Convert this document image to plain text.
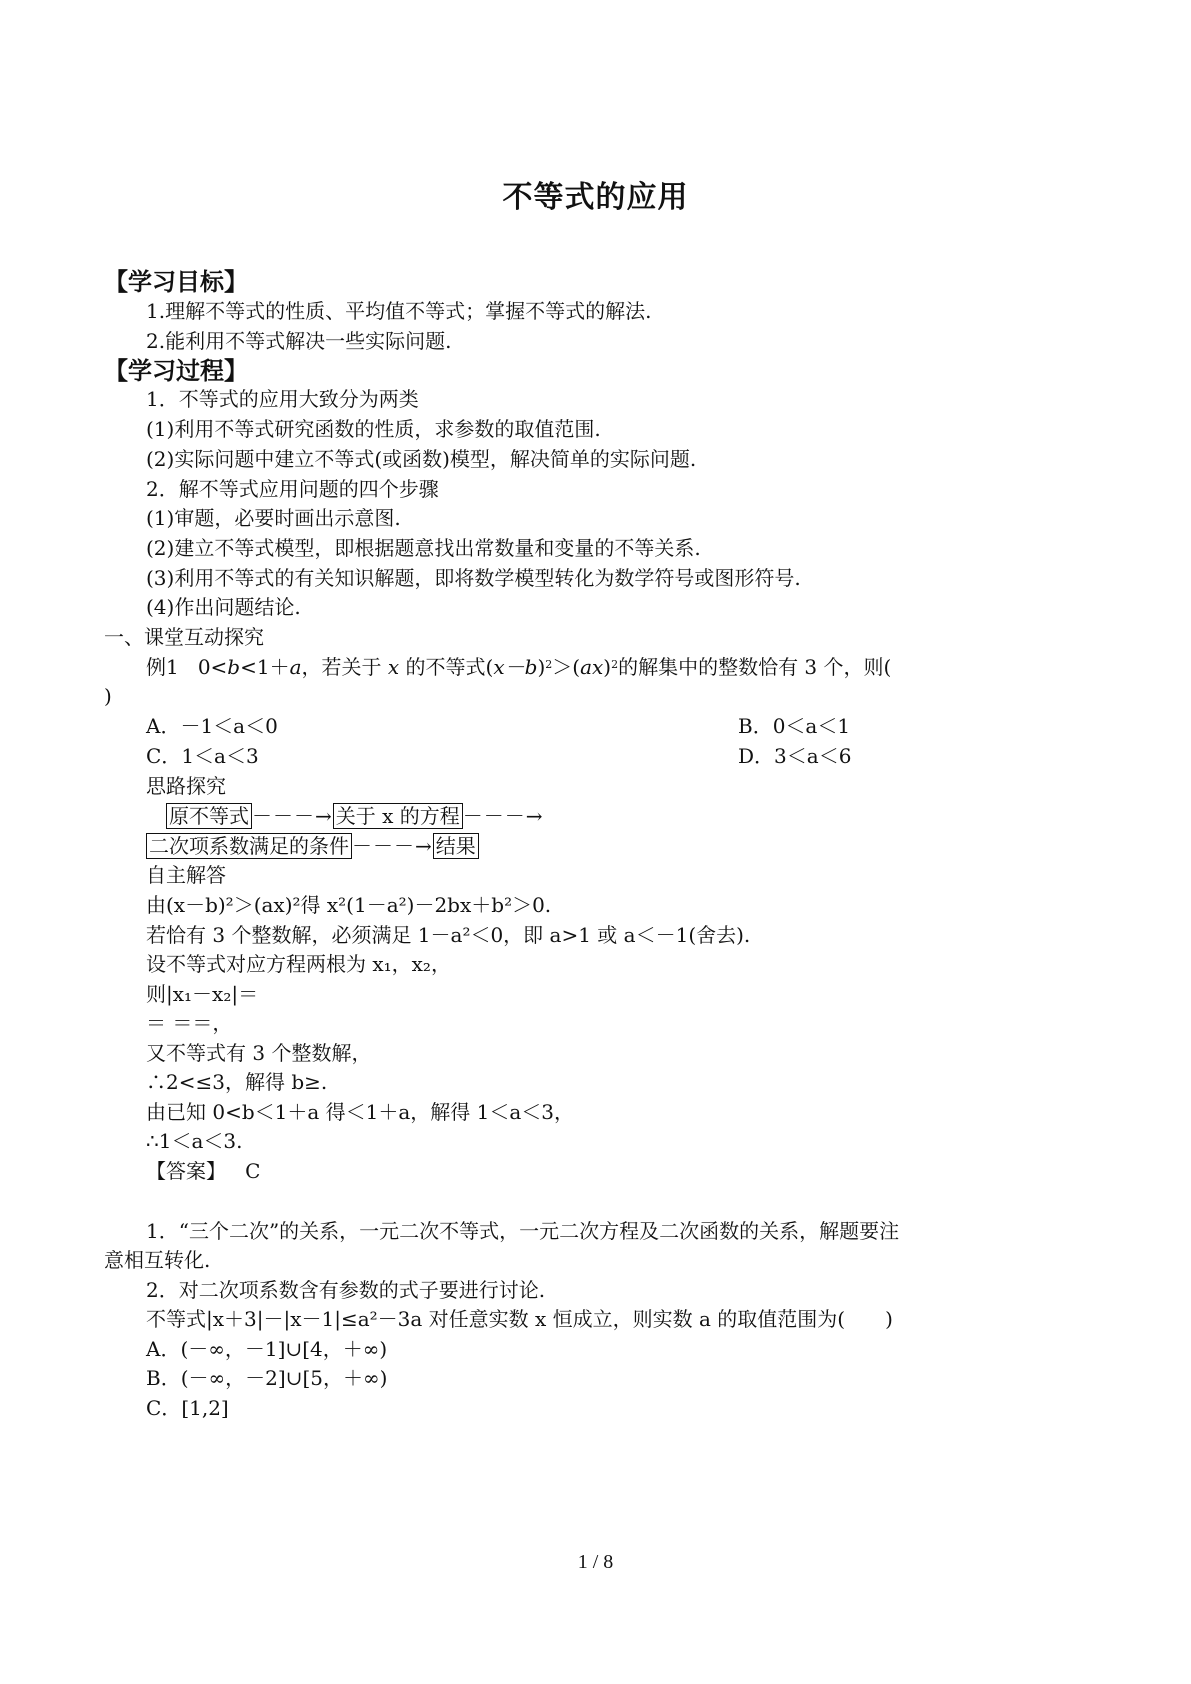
不等式的应用
【学习目标】
1.理解不等式的性质、平均值不等式；掌握不等式的解法.
2.能利用不等式解决一些实际问题.
【学习过程】
1．不等式的应用大致分为两类
(1)利用不等式研究函数的性质，求参数的取值范围.
(2)实际问题中建立不等式(或函数)模型，解决简单的实际问题.
2．解不等式应用问题的四个步骤
(1)审题，必要时画出示意图.
(2)建立不等式模型，即根据题意找出常数量和变量的不等关系.
(3)利用不等式的有关知识解题，即将数学模型转化为数学符号或图形符号.
(4)作出问题结论.
一、课堂互动探究
例1 0<b<1＋a，若关于 x 的不等式$(x-b)^2>(ax)^2$的解集中的整数恰有 3 个，则(
)
A．－1＜a＜0	B．0＜a＜1
C．1＜a＜3	D．3＜a＜6
思路探究
原不等式 －－－→ 关于 x 的方程 －－－→
二次项系数满足的条件 －－－→ 结果
自主解答
由(x－b)²＞(ax)²得 x²(1－a²)－2bx＋b²＞0.
若恰有 3 个整数解，必须满足 1－a²＜0，即 a>1 或 a＜－1(舍去).
设不等式对应方程两根为 x₁，x₂，
则|x₁－x₂|＝
＝ ＝＝，
又不等式有 3 个整数解，
∴2<≤3，解得 b≥.
由已知 0<b＜1＋a 得＜1＋a，解得 1＜a＜3，
∴1＜a＜3.
【答案】 C
1．“三个二次”的关系，一元二次不等式，一元二次方程及二次函数的关系，解题要注
意相互转化.
2．对二次项系数含有参数的式子要进行讨论.
不等式|x＋3|－|x－1|≤a²－3a 对任意实数 x 恒成立，则实数 a 的取值范围为(　　)
A．(－∞，－1]∪[4，＋∞)
B．(－∞，－2]∪[5，＋∞)
C．[1,2]
1 / 8
